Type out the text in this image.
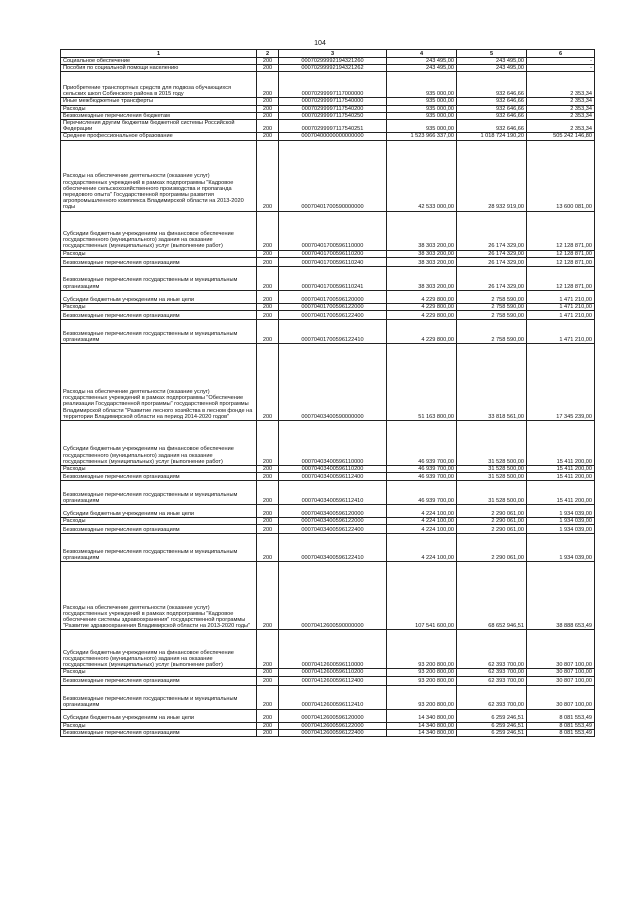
104
1	2	3	4	5	6
Социальное обеспечение	200	00070299992194321260	243 495,00	243 495,00	-
Пособия по социальной помощи населению	200	00070299992194321262	243 495,00	243 495,00	-
Приобретение транспортных средств для подвоза обучающихся сельских школ Собинского района в 2015 году	200	00070299997117000000	935 000,00	932 646,66	2 353,34
Иные межбюджетные трансферты	200	00070299997117540000	935 000,00	932 646,66	2 353,34
Расходы	200	00070299997117540200	935 000,00	932 646,66	2 353,34
Безвозмездные перечисления бюджетам	200	00070299997117540250	935 000,00	932 646,66	2 353,34
Перечисления другим бюджетам бюджетной системы Российской Федерации	200	00070299997117540251	935 000,00	932 646,66	2 353,34
Среднее профессиональное образование	200	00070400000000000000	1 523 966 337,00	1 018 724 190,20	505 242 146,80
Расходы на обеспечение деятельности (оказание услуг) государственных учреждений в рамках подпрограммы "Кадровое обеспечение сельскохозяйственного производства и пропаганда передового опыта" Государственной программы развития агропромышленного комплекса Владимирской области на 2013-2020 годы	200	00070401700590000000	42 533 000,00	28 932 919,00	13 600 081,00
Субсидии бюджетным учреждениям на финансовое обеспечение государственного (муниципального) задания на оказание государственных (муниципальных) услуг (выполнение работ)	200	00070401700596110000	38 303 200,00	26 174 329,00	12 128 871,00
Расходы	200	00070401700596110200	38 303 200,00	26 174 329,00	12 128 871,00
Безвозмездные перечисления организациям	200	00070401700596110240	38 303 200,00	26 174 329,00	12 128 871,00
Безвозмездные перечисления государственным и муниципальным организациям	200	00070401700596110241	38 303 200,00	26 174 329,00	12 128 871,00
Субсидии бюджетным учреждениям на иные цели	200	00070401700596120000	4 229 800,00	2 758 590,00	1 471 210,00
Расходы	200	00070401700596122000	4 229 800,00	2 758 590,00	1 471 210,00
Безвозмездные перечисления организациям	200	00070401700596122400	4 229 800,00	2 758 590,00	1 471 210,00
Безвозмездные перечисления государственным и муниципальным организациям	200	00070401700596122410	4 229 800,00	2 758 590,00	1 471 210,00
Расходы на обеспечение деятельности (оказание услуг) государственных учреждений в рамках подпрограммы "Обеспечение реализации Государственной программы" государственной программы Владимирской области "Развитие лесного хозяйства в лесном фонде на территории Владимирской области на период 2014-2020 годов"	200	00070403400590000000	51 163 800,00	33 818 561,00	17 345 239,00
Субсидии бюджетным учреждениям на финансовое обеспечение государственного (муниципального) задания на оказание государственных (муниципальных) услуг (выполнение работ)	200	00070403400596110000	46 939 700,00	31 528 500,00	15 411 200,00
Расходы	200	00070403400596110200	46 939 700,00	31 528 500,00	15 411 200,00
Безвозмездные перечисления организациям	200	00070403400596112400	46 939 700,00	31 528 500,00	15 411 200,00
Безвозмездные перечисления государственным и муниципальным организациям	200	00070403400596112410	46 939 700,00	31 528 500,00	15 411 200,00
Субсидии бюджетным учреждениям на иные цели	200	00070403400596120000	4 224 100,00	2 290 061,00	1 934 039,00
Расходы	200	00070403400596122000	4 224 100,00	2 290 061,00	1 934 039,00
Безвозмездные перечисления организациям	200	00070403400596122400	4 224 100,00	2 290 061,00	1 934 039,00
Безвозмездные перечисления государственным и муниципальным организациям	200	00070403400596122410	4 224 100,00	2 290 061,00	1 934 039,00
Расходы на обеспечение деятельности (оказание услуг) государственных учреждений в рамках подпрограммы "Кадровое обеспечение системы здравоохранения" государственной программы "Развитие здравоохранения Владимирской области на 2013-2020 годы"	200	00070412600590000000	107 541 600,00	68 652 946,51	38 888 653,49
Субсидии бюджетным учреждениям на финансовое обеспечение государственного (муниципального) задания на оказание государственных (муниципальных) услуг (выполнение работ)	200	00070412600596110000	93 200 800,00	62 393 700,00	30 807 100,00
Расходы	200	00070412600596110200	93 200 800,00	62 393 700,00	30 807 100,00
Безвозмездные перечисления организациям	200	00070412600596112400	93 200 800,00	62 393 700,00	30 807 100,00
Безвозмездные перечисления государственным и муниципальным организациям	200	00070412600596112410	93 200 800,00	62 393 700,00	30 807 100,00
Субсидии бюджетным учреждениям на иные цели	200	00070412600596120000	14 340 800,00	6 259 246,51	8 081 553,49
Расходы	200	00070412600596122000	14 340 800,00	6 259 246,51	8 081 553,49
Безвозмездные перечисления организациям	200	00070412600596122400	14 340 800,00	6 259 246,51	8 081 553,49
